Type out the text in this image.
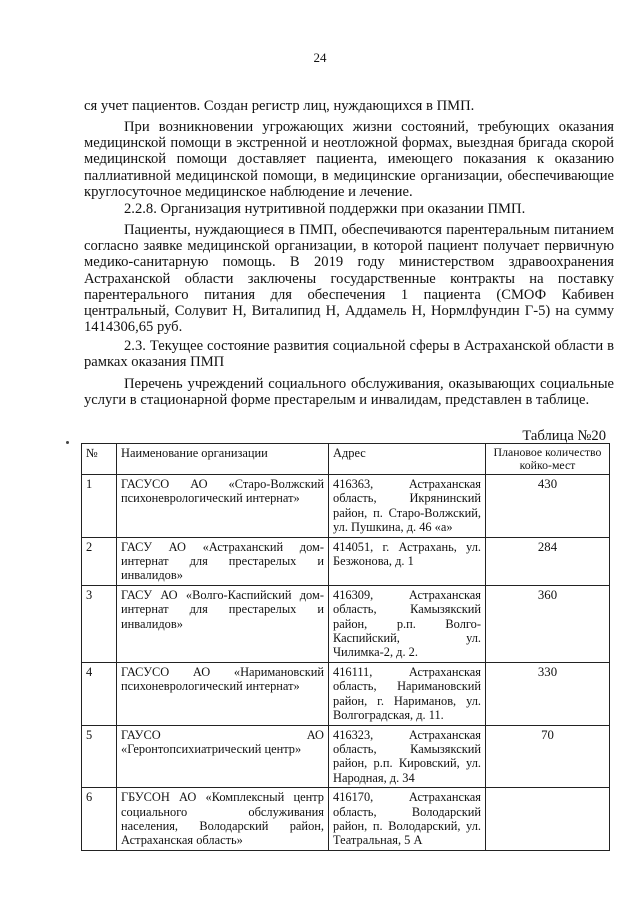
24

ся учет пациентов. Создан регистр лиц, нуждающихся в ПМП.

При возникновении угрожающих жизни состояний, требующих оказания медицинской помощи в экстренной и неотложной формах, выездная бригада скорой медицинской помощи доставляет пациента, имеющего показания к оказанию паллиативной медицинской помощи, в медицинские организации, обеспечивающие круглосуточное медицинское наблюдение и лечение.

2.2.8. Организация нутритивной поддержки при оказании ПМП.

Пациенты, нуждающиеся в ПМП, обеспечиваются парентеральным питанием согласно заявке медицинской организации, в которой пациент получает первичную медико-санитарную помощь. В 2019 году министерством здравоохранения Астраханской области заключены государственные контракты на поставку парентерального питания для обеспечения 1 пациента (СМОФ Кабивен центральный, Солувит Н, Виталипид Н, Аддамель Н, Нормлфундин Г-5) на сумму 1414306,65 руб.

2.3. Текущее состояние развития социальной сферы в Астраханской области в рамках оказания ПМП

Перечень учреждений социального обслуживания, оказывающих социальные услуги в стационарной форме престарелым и инвалидам, представлен в таблице.

Таблица №20
№	Наименование организации	Адрес	Плановое количество койко-мест
1	ГАСУСО АО «Старо-Волжский психоневрологический интернат»	416363, Астраханская область, Икрянинский район, п. Старо-Волжский, ул. Пушкина, д. 46 «а»	430
2	ГАСУ АО «Астраханский дом-интернат для престарелых и инвалидов»	414051, г. Астрахань, ул. Безжонова, д. 1	284
3	ГАСУ АО «Волго-Каспийский дом-интернат для престарелых и инвалидов»	416309, Астраханская область, Камызякский район, р.п. Волго-Каспийский, ул. Чилимка-2, д. 2.	360
4	ГАСУСО АО «Наримановский психоневрологический интернат»	416111, Астраханская область, Наримановский район, г. Нариманов, ул. Волгоградская, д. 11.	330
5	ГАУСО АО «Геронтопсихиатрический центр»	416323, Астраханская область, Камызякский район, р.п. Кировский, ул. Народная, д. 34	70
6	ГБУСОН АО «Комплексный центр социального обслуживания населения, Володарский район, Астраханская область»	416170, Астраханская область, Володарский район, п. Володарский, ул. Театральная, 5 А	
